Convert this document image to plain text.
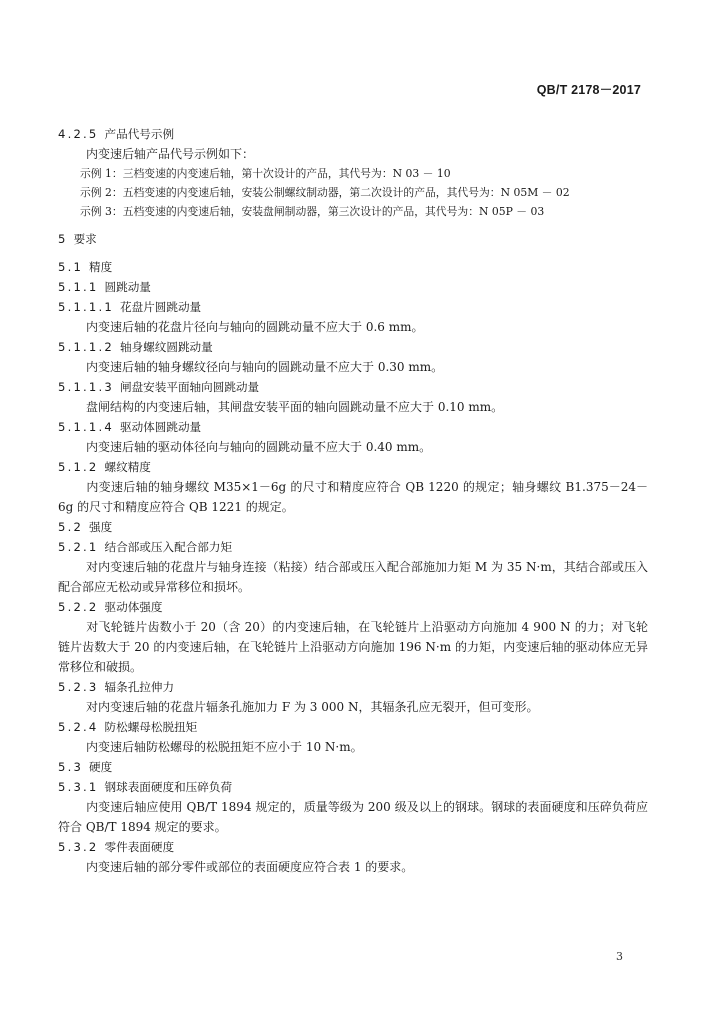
QB/T 2178－2017
4.2.5 产品代号示例
内变速后轴产品代号示例如下：
示例 1：三档变速的内变速后轴，第十次设计的产品，其代号为：N 03 － 10
示例 2：五档变速的内变速后轴，安装公制螺纹制动器，第二次设计的产品，其代号为：N 05M － 02
示例 3：五档变速的内变速后轴，安装盘闸制动器，第三次设计的产品，其代号为：N 05P － 03
5 要求
5.1 精度
5.1.1 圆跳动量
5.1.1.1 花盘片圆跳动量
内变速后轴的花盘片径向与轴向的圆跳动量不应大于 0.6 mm。
5.1.1.2 轴身螺纹圆跳动量
内变速后轴的轴身螺纹径向与轴向的圆跳动量不应大于 0.30 mm。
5.1.1.3 闸盘安装平面轴向圆跳动量
盘闸结构的内变速后轴，其闸盘安装平面的轴向圆跳动量不应大于 0.10 mm。
5.1.1.4 驱动体圆跳动量
内变速后轴的驱动体径向与轴向的圆跳动量不应大于 0.40 mm。
5.1.2 螺纹精度
内变速后轴的轴身螺纹 M35×1－6g 的尺寸和精度应符合 QB 1220 的规定；轴身螺纹 B1.375－24－6g 的尺寸和精度应符合 QB 1221 的规定。
5.2 强度
5.2.1 结合部或压入配合部力矩
对内变速后轴的花盘片与轴身连接（粘接）结合部或压入配合部施加力矩 M 为 35 N·m，其结合部或压入配合部应无松动或异常移位和损坏。
5.2.2 驱动体强度
对飞轮链片齿数小于 20（含 20）的内变速后轴，在飞轮链片上沿驱动方向施加 4 900 N 的力；对飞轮链片齿数大于 20 的内变速后轴，在飞轮链片上沿驱动方向施加 196 N·m 的力矩，内变速后轴的驱动体应无异常移位和破损。
5.2.3 辐条孔拉伸力
对内变速后轴的花盘片辐条孔施加力 F 为 3 000 N，其辐条孔应无裂开，但可变形。
5.2.4 防松螺母松脱扭矩
内变速后轴防松螺母的松脱扭矩不应小于 10 N·m。
5.3 硬度
5.3.1 钢球表面硬度和压碎负荷
内变速后轴应使用 QB/T 1894 规定的，质量等级为 200 级及以上的钢球。钢球的表面硬度和压碎负荷应符合 QB/T 1894 规定的要求。
5.3.2 零件表面硬度
内变速后轴的部分零件或部位的表面硬度应符合表 1 的要求。
3
